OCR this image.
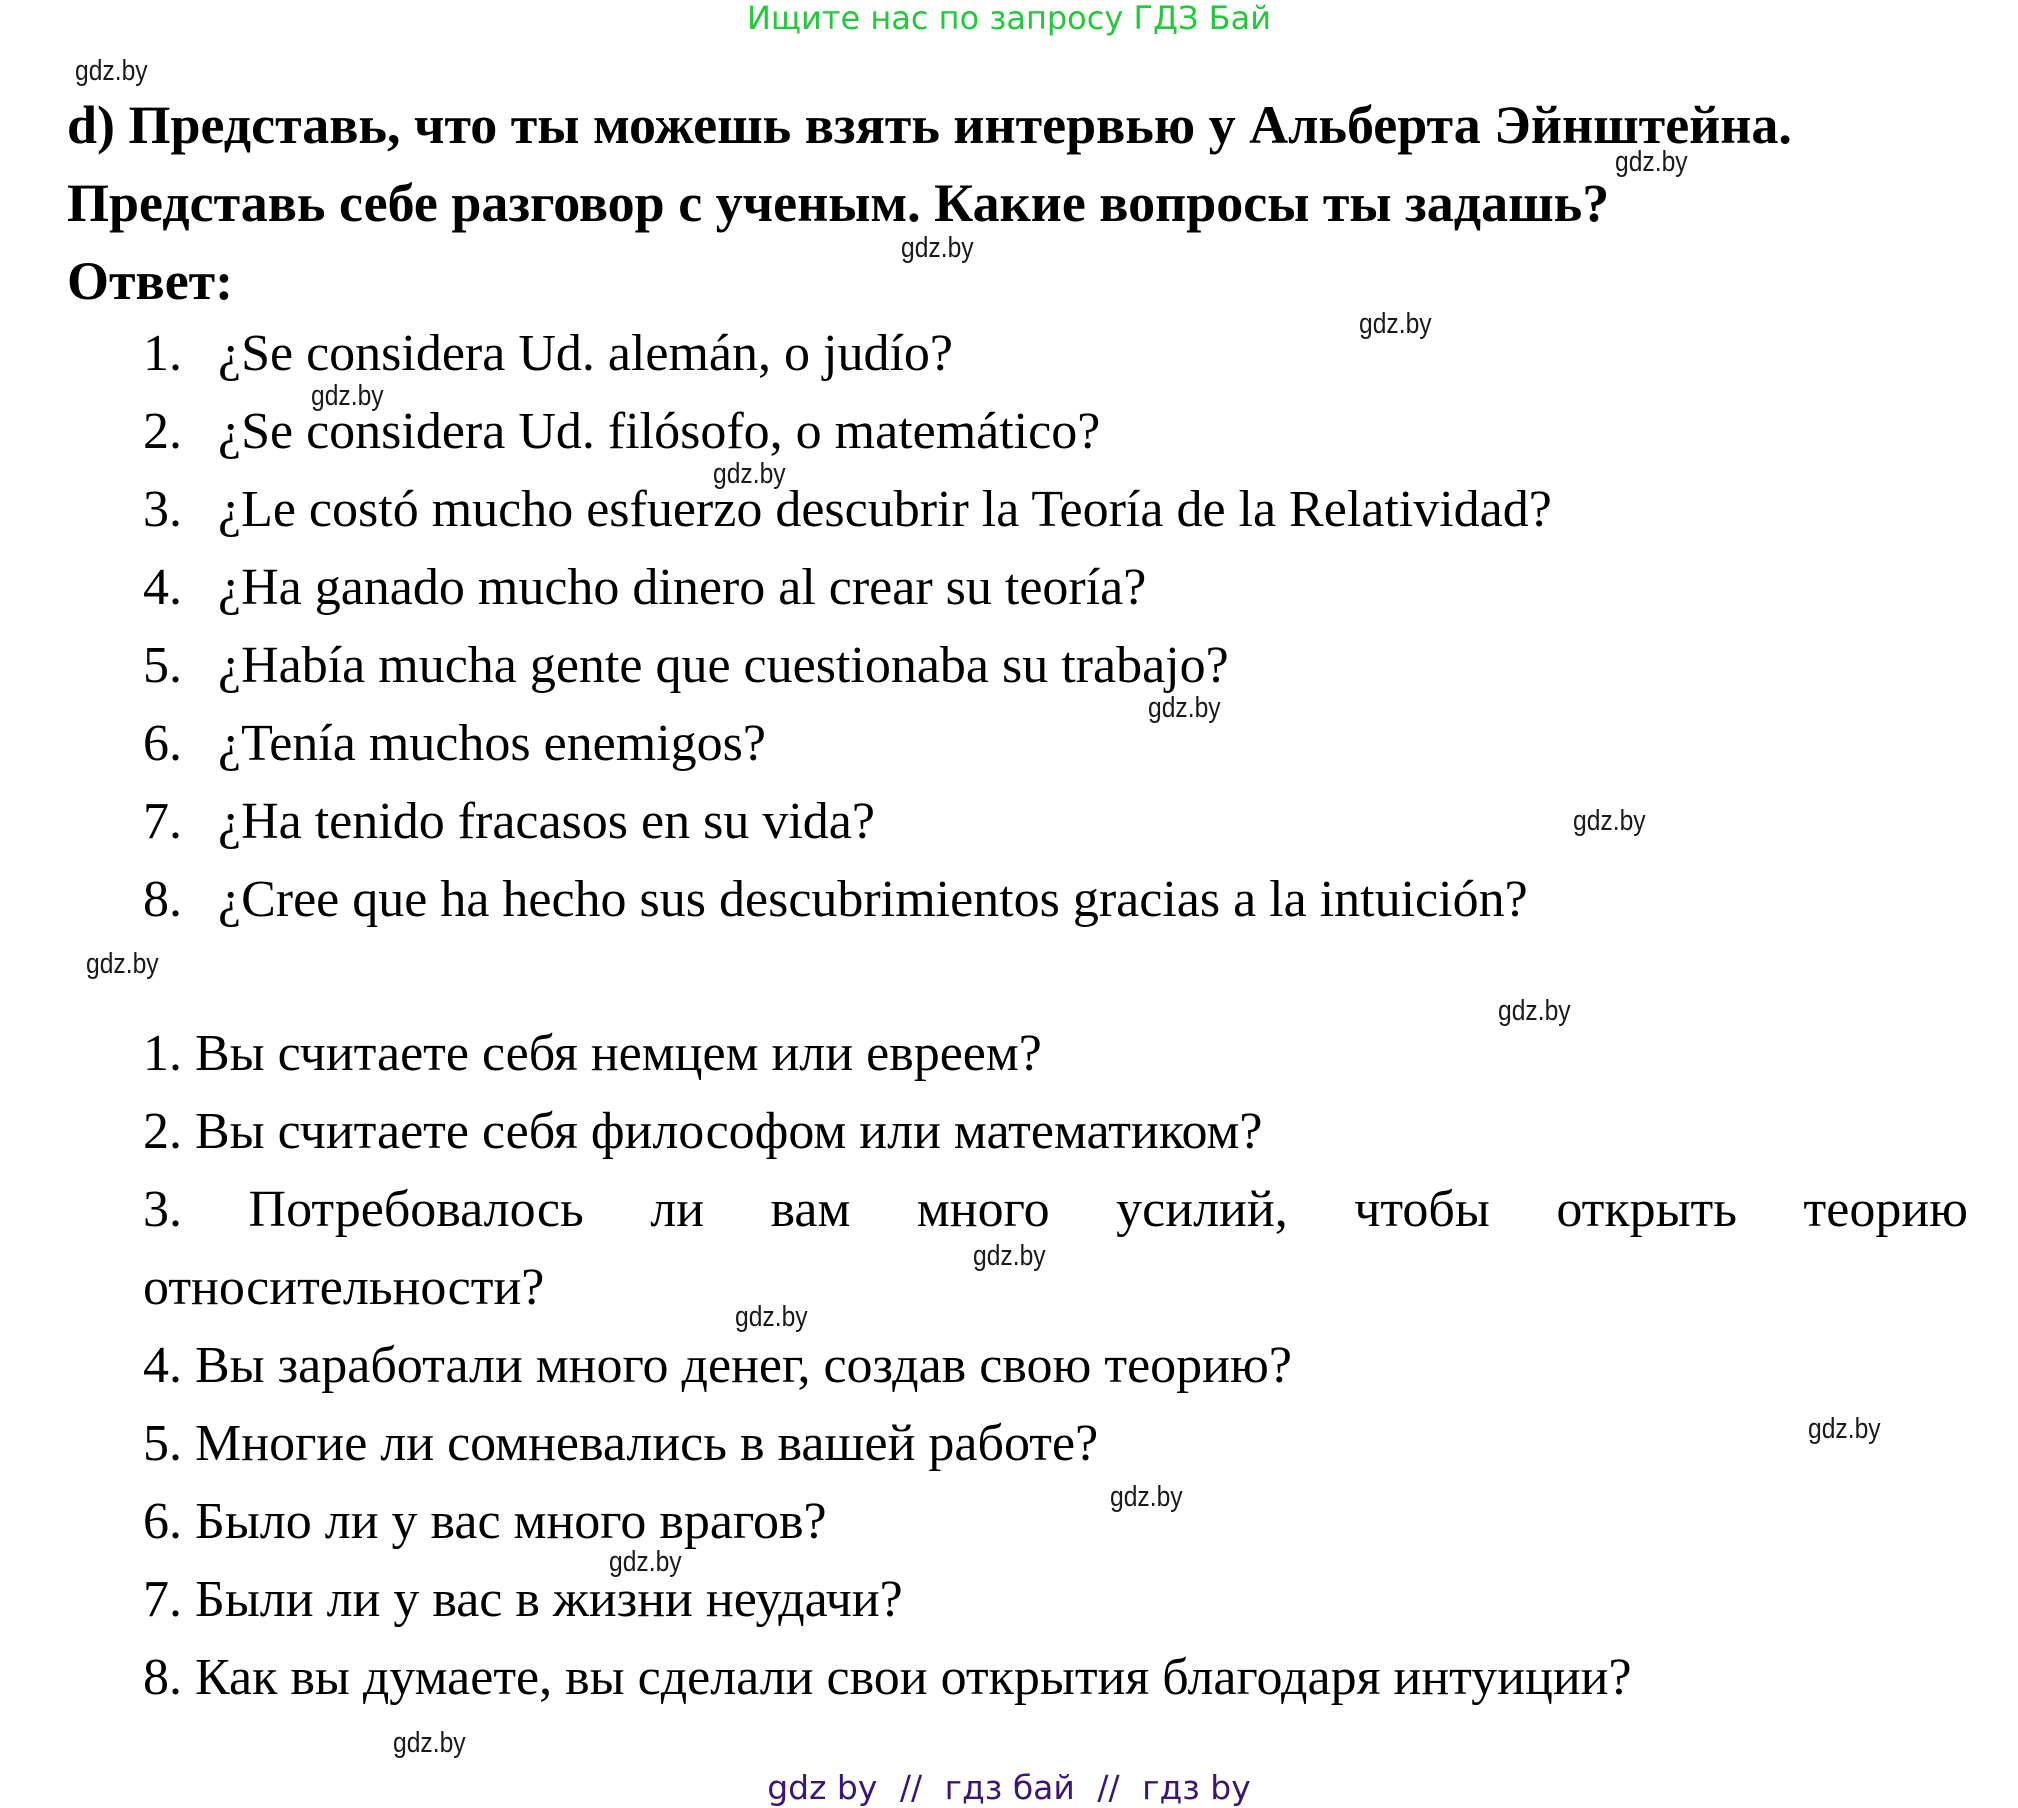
Ищите нас по запросу ГДЗ Бай
d) Представь, что ты можешь взять интервью у Альберта Эйнштейна.
Представь себе разговор с ученым. Какие вопросы ты задашь?
Ответ:
1. ¿Se considera Ud. alemán, o judío?
2. ¿Se considera Ud. filósofo, o matemático?
3. ¿Le costó mucho esfuerzo descubrir la Teoría de la Relatividad?
4. ¿Ha ganado mucho dinero al crear su teoría?
5. ¿Había mucha gente que cuestionaba su trabajo?
6. ¿Tenía muchos enemigos?
7. ¿Ha tenido fracasos en su vida?
8. ¿Cree que ha hecho sus descubrimientos gracias a la intuición?
1. Вы считаете себя немцем или евреем?
2. Вы считаете себя философом или математиком?
3. Потребовалось ли вам много усилий, чтобы открыть теорию
относительности?
4. Вы заработали много денег, создав свою теорию?
5. Многие ли сомневались в вашей работе?
6. Было ли у вас много врагов?
7. Были ли у вас в жизни неудачи?
8. Как вы думаете, вы сделали свои открытия благодаря интуиции?
gdz.by
gdz.by
gdz.by
gdz.by
gdz.by
gdz.by
gdz.by
gdz.by
gdz.by
gdz.by
gdz.by
gdz.by
gdz.by
gdz.by
gdz.by
gdz.by
gdz by // гдз бай // гдз by
